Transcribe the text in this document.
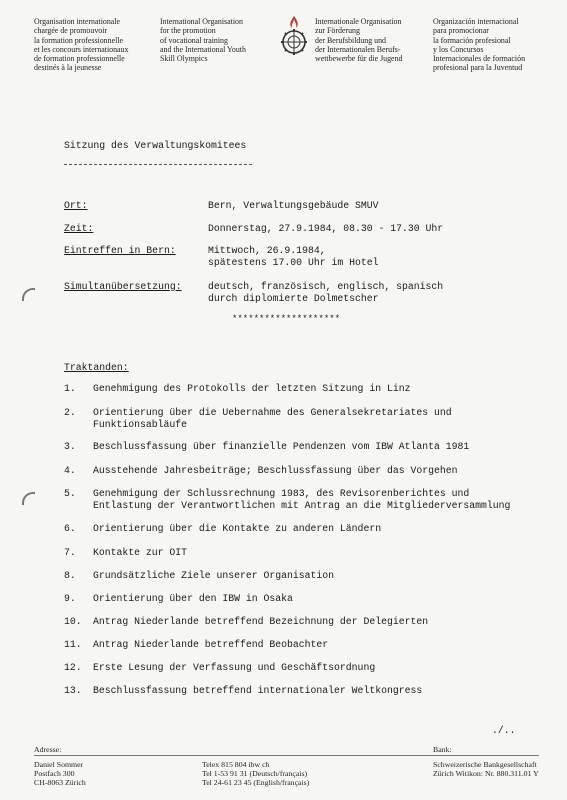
Organisation internationale
chargée de promouvoir
la formation professionnelle
et les concours internationaux
de formation professionnelle
destinés à la jeunesse
International Organisation
for the promotion
of vocational training
and the International Youth
Skill Olympics
Internationale Organisation
zur Förderung
der Berufsbildung und
der Internationalen Berufs-
wettbewerbe für die Jugend
Organización internacional
para promocionar
la formación profesional
y los Concursos
Internacionales de formación
profesional para la Juventud
Sitzung des Verwaltungskomitees
Ort:	Bern, Verwaltungsgebäude SMUV
Zeit:	Donnerstag, 27.9.1984, 08.30 - 17.30 Uhr
Eintreffen in Bern:	Mittwoch, 26.9.1984,
spätestens 17.00 Uhr im Hotel
Simultanübersetzung:	deutsch, französisch, englisch, spanisch
durch diplomierte Dolmetscher
********************
Traktanden:
1. Genehmigung des Protokolls der letzten Sitzung in Linz
2. Orientierung über die Uebernahme des Generalsekretariates und
Funktionsabläufe
3. Beschlussfassung über finanzielle Pendenzen vom IBW Atlanta 1981
4. Ausstehende Jahresbeiträge; Beschlussfassung über das Vorgehen
5. Genehmigung der Schlussrechnung 1983, des Revisorenberichtes und
Entlastung der Verantwortlichen mit Antrag an die Mitgliederversammlung
6. Orientierung über die Kontakte zu anderen Ländern
7. Kontakte zur OIT
8. Grundsätzliche Ziele unserer Organisation
9. Orientierung über den IBW in Osaka
10. Antrag Niederlande betreffend Bezeichnung der Delegierten
11. Antrag Niederlande betreffend Beobachter
12. Erste Lesung der Verfassung und Geschäftsordnung
13. Beschlussfassung betreffend internationaler Weltkongress
./..
Adresse:	Bank:
Daniel Sommer
Postfach 300
CH-8063 Zürich
Telex 815 804 ibw ch
Tel 1-53 91 31 (Deutsch/français)
Tel 24-61 23 45 (English/français)
Schweizerische Bankgesellschaft
Zürich Witikon: Nr. 880.311.01 Y
